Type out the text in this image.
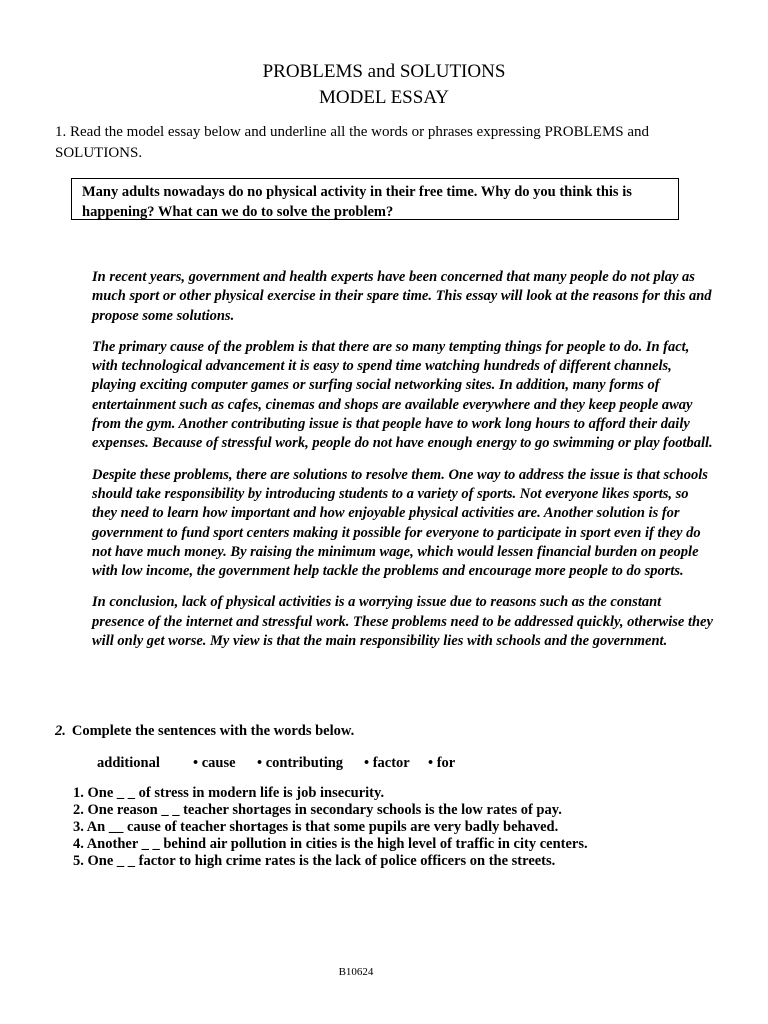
PROBLEMS and SOLUTIONS
MODEL ESSAY
1. Read the model essay below and underline all the words or phrases expressing PROBLEMS and SOLUTIONS.
Many adults nowadays do no physical activity in their free time. Why do you think this is happening? What can we do to solve the problem?

In recent years, government and health experts have been concerned that many people do not play as much sport or other physical exercise in their spare time. This essay will look at the reasons for this and propose some solutions.

The primary cause of the problem is that there are so many tempting things for people to do. In fact, with technological advancement it is easy to spend time watching hundreds of different channels, playing exciting computer games or surfing social networking sites. In addition, many forms of entertainment such as cafes, cinemas and shops are available everywhere and they keep people away from the gym. Another contributing issue is that people have to work long hours to afford their daily expenses. Because of stressful work, people do not have enough energy to go swimming or play football.

Despite these problems, there are solutions to resolve them. One way to address the issue is that schools should take responsibility by introducing students to a variety of sports. Not everyone likes sports, so they need to learn how important and how enjoyable physical activities are. Another solution is for government to fund sport centers making it possible for everyone to participate in sport even if they do not have much money. By raising the minimum wage, which would lessen financial burden on people with low income, the government help tackle the problems and encourage more people to do sports.

In conclusion, lack of physical activities is a worrying issue due to reasons such as the constant presence of the internet and stressful work. These problems need to be addressed quickly, otherwise they will only get worse. My view is that the main responsibility lies with schools and the government.

2. Complete the sentences with the words below.
additional • cause • contributing • factor • for
1. One _ _ of stress in modern life is job insecurity.
2. One reason _ _ teacher shortages in secondary schools is the low rates of pay.
3. An __ cause of teacher shortages is that some pupils are very badly behaved.
4. Another _ _ behind air pollution in cities is the high level of traffic in city centers.
5. One _ _ factor to high crime rates is the lack of police officers on the streets.
B10624
